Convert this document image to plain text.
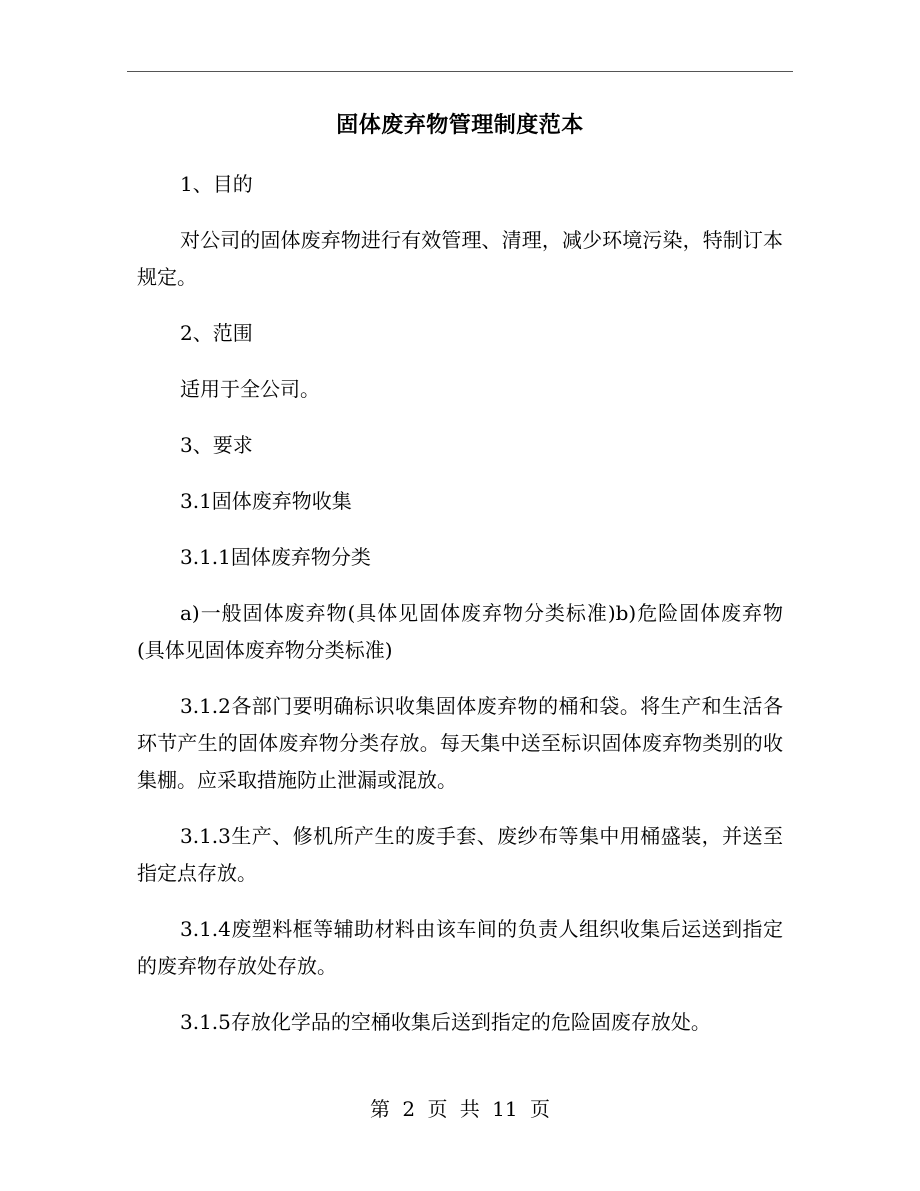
固体废弃物管理制度范本

1、目的

对公司的固体废弃物进行有效管理、清理，减少环境污染，特制订本规定。

2、范围

适用于全公司。

3、要求

3.1固体废弃物收集

3.1.1固体废弃物分类

a)一般固体废弃物(具体见固体废弃物分类标准)b)危险固体废弃物(具体见固体废弃物分类标准)

3.1.2各部门要明确标识收集固体废弃物的桶和袋。将生产和生活各环节产生的固体废弃物分类存放。每天集中送至标识固体废弃物类别的收集棚。应采取措施防止泄漏或混放。

3.1.3生产、修机所产生的废手套、废纱布等集中用桶盛装，并送至指定点存放。

3.1.4废塑料框等辅助材料由该车间的负责人组织收集后运送到指定的废弃物存放处存放。

3.1.5存放化学品的空桶收集后送到指定的危险固废存放处。

第 2 页 共 11 页
